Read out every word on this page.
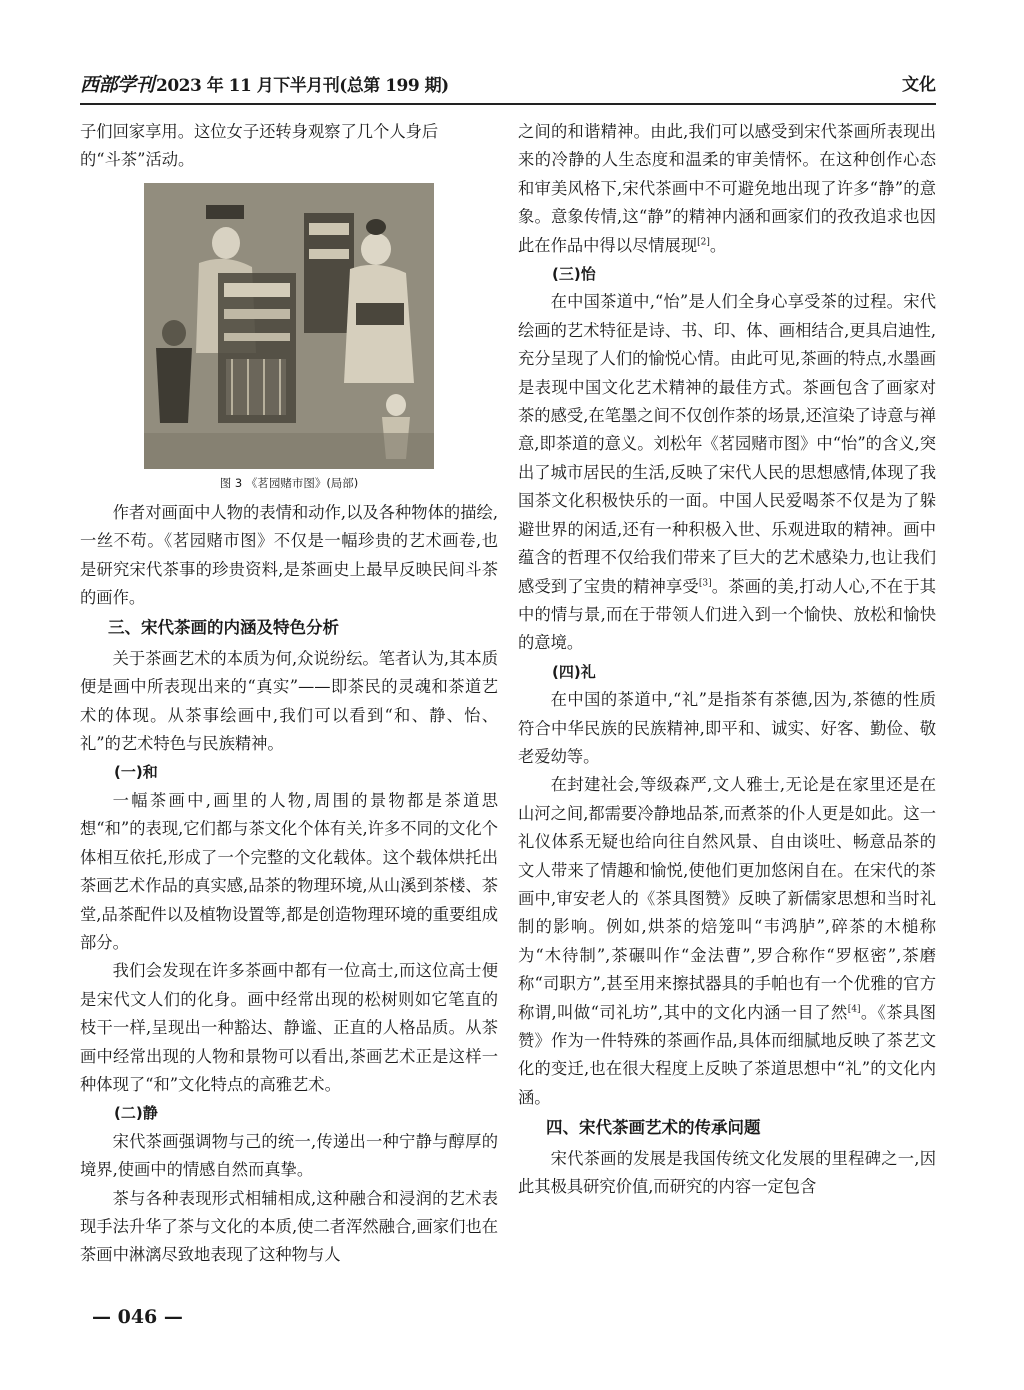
西部学刊 2023 年 11 月下半月刊(总第 199 期)	文化

子们回家享用。这位女子还转身观察了几个人身后
的“斗茶”活动。

图 3 《茗园赌市图》(局部)

作者对画面中人物的表情和动作,以及各种物体的描绘,一丝不苟。《茗园赌市图》不仅是一幅珍贵的艺术画卷,也是研究宋代茶事的珍贵资料,是茶画史上最早反映民间斗茶的画作。

三、宋代茶画的内涵及特色分析

关于茶画艺术的本质为何,众说纷纭。笔者认为,其本质便是画中所表现出来的“真实”——即茶民的灵魂和茶道艺术的体现。从茶事绘画中,我们可以看到“和、静、怡、礼”的艺术特色与民族精神。

(一)和

一幅茶画中,画里的人物,周围的景物都是茶道思想“和”的表现,它们都与茶文化个体有关,许多不同的文化个体相互依托,形成了一个完整的文化载体。这个载体烘托出茶画艺术作品的真实感,品茶的物理环境,从山溪到茶楼、茶堂,品茶配件以及植物设置等,都是创造物理环境的重要组成部分。

我们会发现在许多茶画中都有一位高士,而这位高士便是宋代文人们的化身。画中经常出现的松树则如它笔直的枝干一样,呈现出一种豁达、静谧、正直的人格品质。从茶画中经常出现的人物和景物可以看出,茶画艺术正是这样一种体现了“和”文化特点的高雅艺术。

(二)静

宋代茶画强调物与己的统一,传递出一种宁静与醇厚的境界,使画中的情感自然而真挚。

茶与各种表现形式相辅相成,这种融合和浸润的艺术表现手法升华了茶与文化的本质,使二者浑然融合,画家们也在茶画中淋漓尽致地表现了这种物与人

之间的和谐精神。由此,我们可以感受到宋代茶画所表现出来的冷静的人生态度和温柔的审美情怀。在这种创作心态和审美风格下,宋代茶画中不可避免地出现了许多“静”的意象。意象传情,这“静”的精神内涵和画家们的孜孜追求也因此在作品中得以尽情展现[2]。

(三)怡

在中国茶道中,“怡”是人们全身心享受茶的过程。宋代绘画的艺术特征是诗、书、印、体、画相结合,更具启迪性,充分呈现了人们的愉悦心情。由此可见,茶画的特点,水墨画是表现中国文化艺术精神的最佳方式。茶画包含了画家对茶的感受,在笔墨之间不仅创作茶的场景,还渲染了诗意与禅意,即茶道的意义。刘松年《茗园赌市图》中“怡”的含义,突出了城市居民的生活,反映了宋代人民的思想感情,体现了我国茶文化积极快乐的一面。中国人民爱喝茶不仅是为了躲避世界的闲适,还有一种积极入世、乐观进取的精神。画中蕴含的哲理不仅给我们带来了巨大的艺术感染力,也让我们感受到了宝贵的精神享受[3]。茶画的美,打动人心,不在于其中的情与景,而在于带领人们进入到一个愉快、放松和愉快的意境。

(四)礼

在中国的茶道中,“礼”是指茶有茶德,因为,茶德的性质符合中华民族的民族精神,即平和、诚实、好客、勤俭、敬老爱幼等。

在封建社会,等级森严,文人雅士,无论是在家里还是在山河之间,都需要冷静地品茶,而煮茶的仆人更是如此。这一礼仪体系无疑也给向往自然风景、自由谈吐、畅意品茶的文人带来了情趣和愉悦,使他们更加悠闲自在。在宋代的茶画中,审安老人的《茶具图赞》反映了新儒家思想和当时礼制的影响。例如,烘茶的焙笼叫“韦鸿胪”,碎茶的木槌称为“木待制”,茶碾叫作“金法曹”,罗合称作“罗枢密”,茶磨称“司职方”,甚至用来擦拭器具的手帕也有一个优雅的官方称谓,叫做“司礼坊”,其中的文化内涵一目了然[4]。《茶具图赞》作为一件特殊的茶画作品,具体而细腻地反映了茶艺文化的变迁,也在很大程度上反映了茶道思想中“礼”的文化内涵。

四、宋代茶画艺术的传承问题

宋代茶画的发展是我国传统文化发展的里程碑之一,因此其极具研究价值,而研究的内容一定包含

— 046 —
